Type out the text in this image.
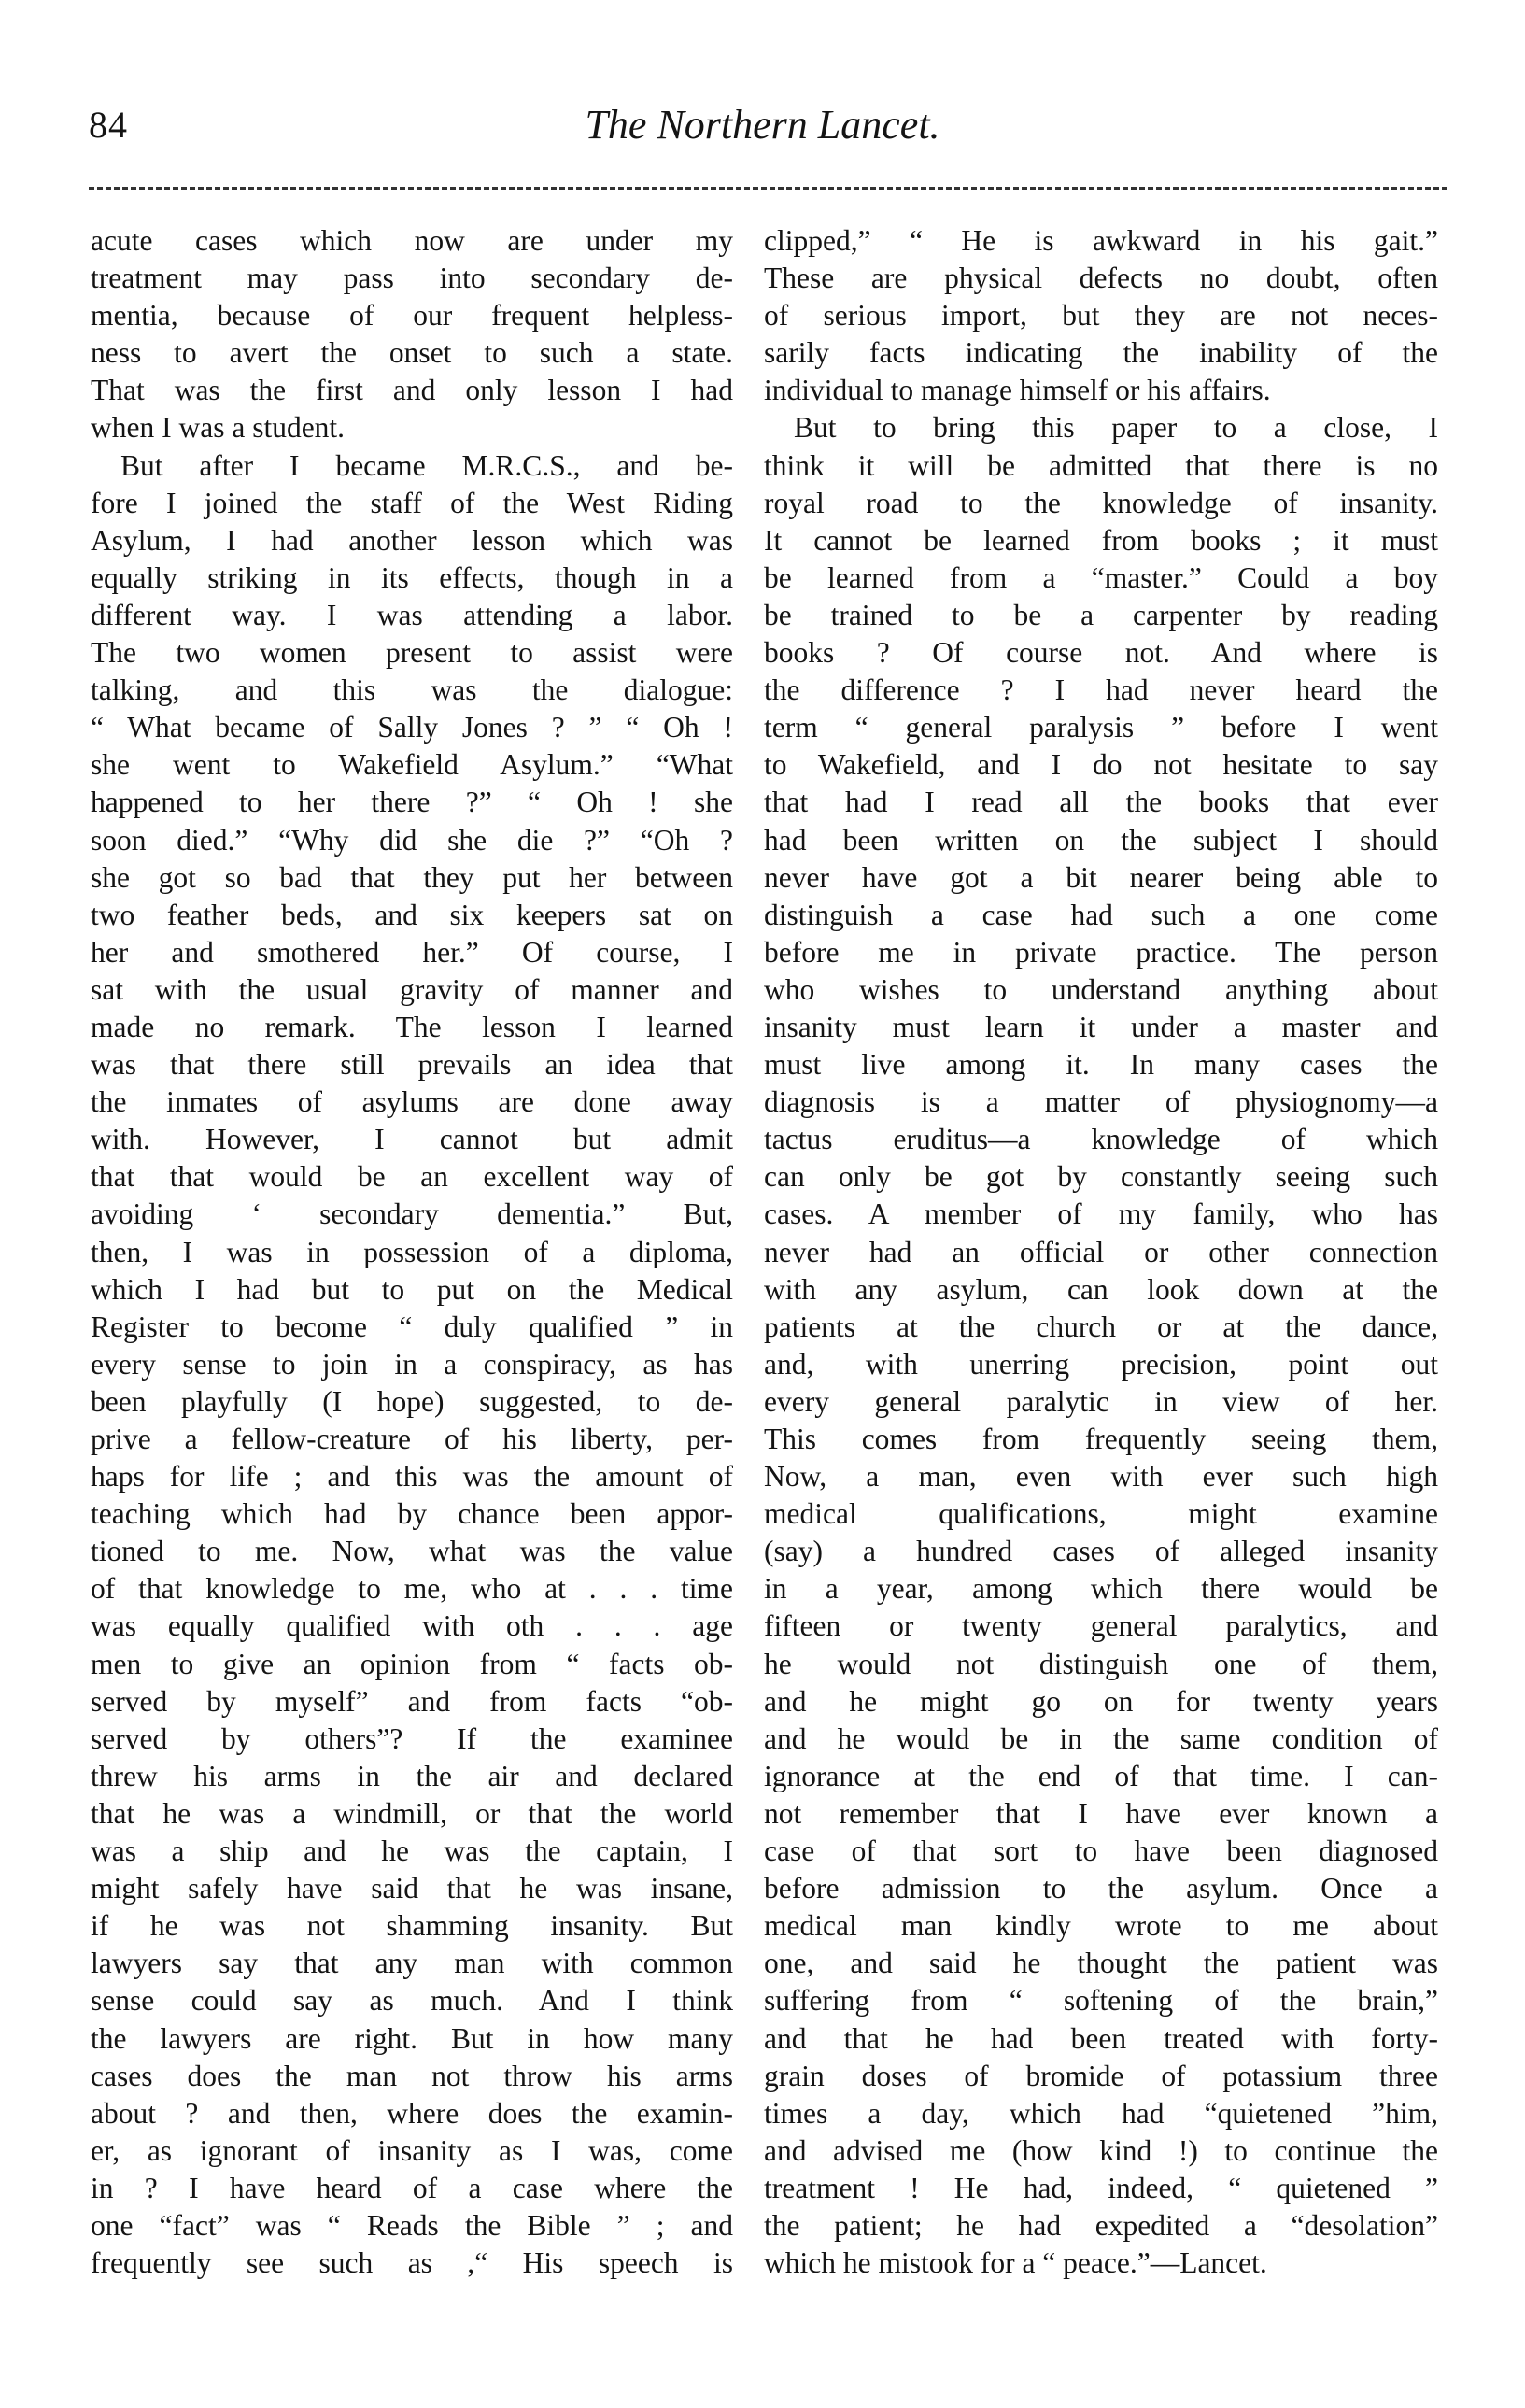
84	The Northern Lancet.
acute cases which now are under my
treatment may pass into secondary de-
mentia, because of our frequent helpless-
ness to avert the onset to such a state.
That was the first and only lesson I had
when I was a student.
But after I became M.R.C.S., and be-
fore I joined the staff of the West Riding
Asylum, I had another lesson which was
equally striking in its effects, though in a
different way. I was attending a labor.
The two women present to assist were
talking, and this was the dialogue:
“ What became of Sally Jones ? ” “ Oh !
she went to Wakefield Asylum.” “What
happened to her there ?” “ Oh ! she
soon died.” “Why did she die ?” “Oh ?
she got so bad that they put her between
two feather beds, and six keepers sat on
her and smothered her.” Of course, I
sat with the usual gravity of manner and
made no remark. The lesson I learned
was that there still prevails an idea that
the inmates of asylums are done away
with. However, I cannot but admit
that that would be an excellent way of
avoiding ‘ secondary dementia.” But,
then, I was in possession of a diploma,
which I had but to put on the Medical
Register to become “ duly qualified ” in
every sense to join in a conspiracy, as has
been playfully (I hope) suggested, to de-
prive a fellow-creature of his liberty, per-
haps for life ; and this was the amount of
teaching which had by chance been appor-
tioned to me. Now, what was the value
of that knowledge to me, who at . . . time
was equally qualified with oth . . . age
men to give an opinion from “ facts ob-
served by myself” and from facts “ob-
served by others”? If the examinee
threw his arms in the air and declared
that he was a windmill, or that the world
was a ship and he was the captain, I
might safely have said that he was insane,
if he was not shamming insanity. But
lawyers say that any man with common
sense could say as much. And I think
the lawyers are right. But in how many
cases does the man not throw his arms
about ? and then, where does the examin-
er, as ignorant of insanity as I was, come
in ? I have heard of a case where the
one “fact” was “ Reads the Bible ” ; and
frequently see such as ,“ His speech is
clipped,” “ He is awkward in his gait.”
These are physical defects no doubt, often
of serious import, but they are not neces-
sarily facts indicating the inability of the
individual to manage himself or his affairs.
But to bring this paper to a close, I
think it will be admitted that there is no
royal road to the knowledge of insanity.
It cannot be learned from books ; it must
be learned from a “master.” Could a boy
be trained to be a carpenter by reading
books ? Of course not. And where is
the difference ? I had never heard the
term “ general paralysis ” before I went
to Wakefield, and I do not hesitate to say
that had I read all the books that ever
had been written on the subject I should
never have got a bit nearer being able to
distinguish a case had such a one come
before me in private practice. The person
who wishes to understand anything about
insanity must learn it under a master and
must live among it. In many cases the
diagnosis is a matter of physiognomy—a
tactus eruditus—a knowledge of which
can only be got by constantly seeing such
cases. A member of my family, who has
never had an official or other connection
with any asylum, can look down at the
patients at the church or at the dance,
and, with unerring precision, point out
every general paralytic in view of her.
This comes from frequently seeing them,
Now, a man, even with ever such high
medical qualifications, might examine
(say) a hundred cases of alleged insanity
in a year, among which there would be
fifteen or twenty general paralytics, and
he would not distinguish one of them,
and he might go on for twenty years
and he would be in the same condition of
ignorance at the end of that time. I can-
not remember that I have ever known a
case of that sort to have been diagnosed
before admission to the asylum. Once a
medical man kindly wrote to me about
one, and said he thought the patient was
suffering from “ softening of the brain,”
and that he had been treated with forty-
grain doses of bromide of potassium three
times a day, which had “quietened ”him,
and advised me (how kind !) to continue the
treatment ! He had, indeed, “ quietened ”
the patient; he had expedited a “desolation”
which he mistook for a “ peace.”—Lancet.
